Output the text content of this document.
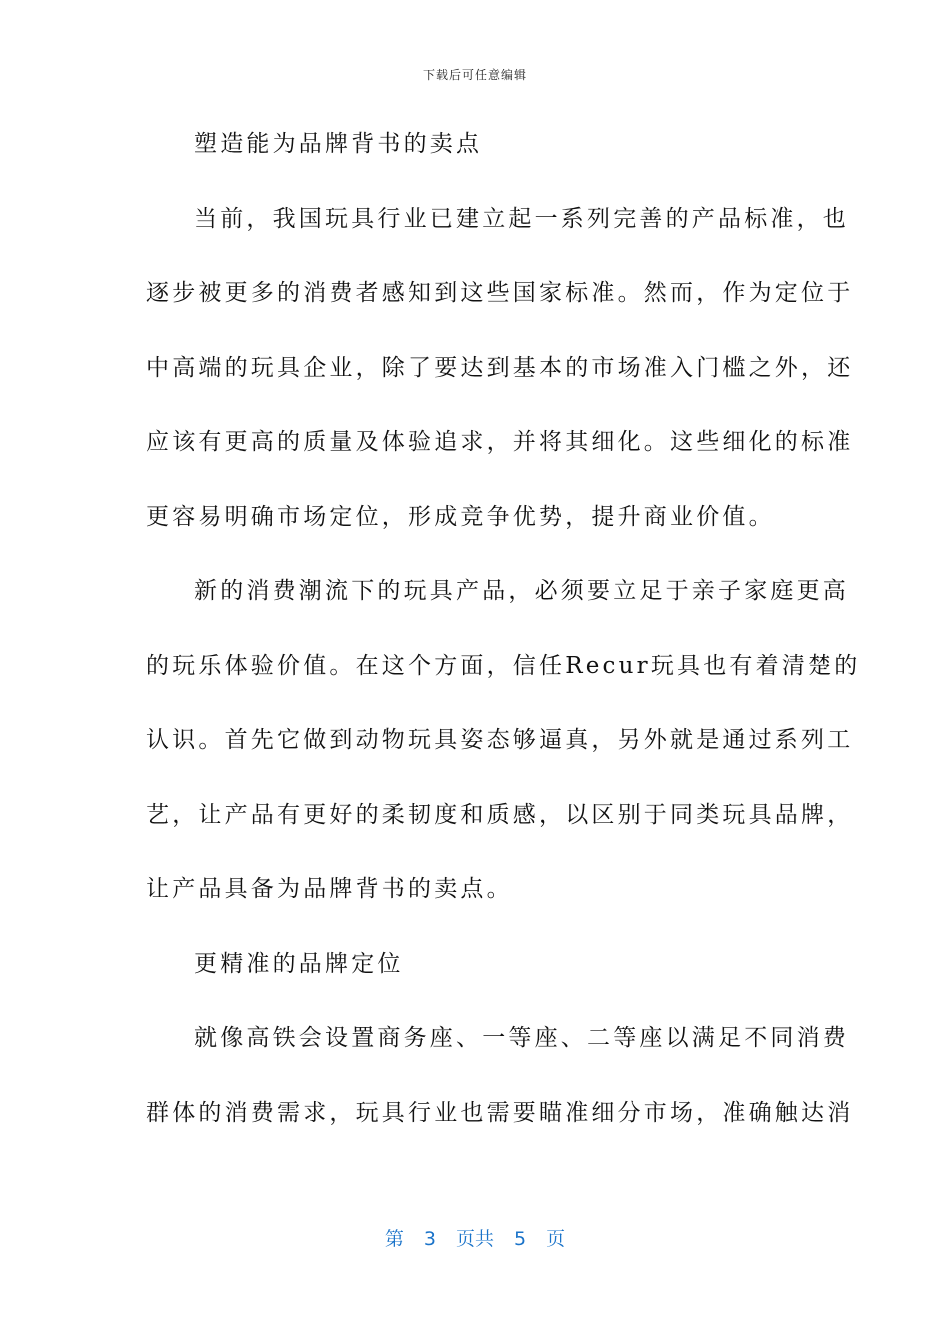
下载后可任意编辑
塑造能为品牌背书的卖点
当前，我国玩具行业已建立起一系列完善的产品标准，也
逐步被更多的消费者感知到这些国家标准。然而，作为定位于
中高端的玩具企业，除了要达到基本的市场准入门槛之外，还
应该有更高的质量及体验追求，并将其细化。这些细化的标准
更容易明确市场定位，形成竞争优势，提升商业价值。
新的消费潮流下的玩具产品，必须要立足于亲子家庭更高
的玩乐体验价值。在这个方面，信任Recur玩具也有着清楚的
认识。首先它做到动物玩具姿态够逼真，另外就是通过系列工
艺，让产品有更好的柔韧度和质感，以区别于同类玩具品牌，
让产品具备为品牌背书的卖点。
更精准的品牌定位
就像高铁会设置商务座、一等座、二等座以满足不同消费
群体的消费需求，玩具行业也需要瞄准细分市场，准确触达消
第 3 页共 5 页
